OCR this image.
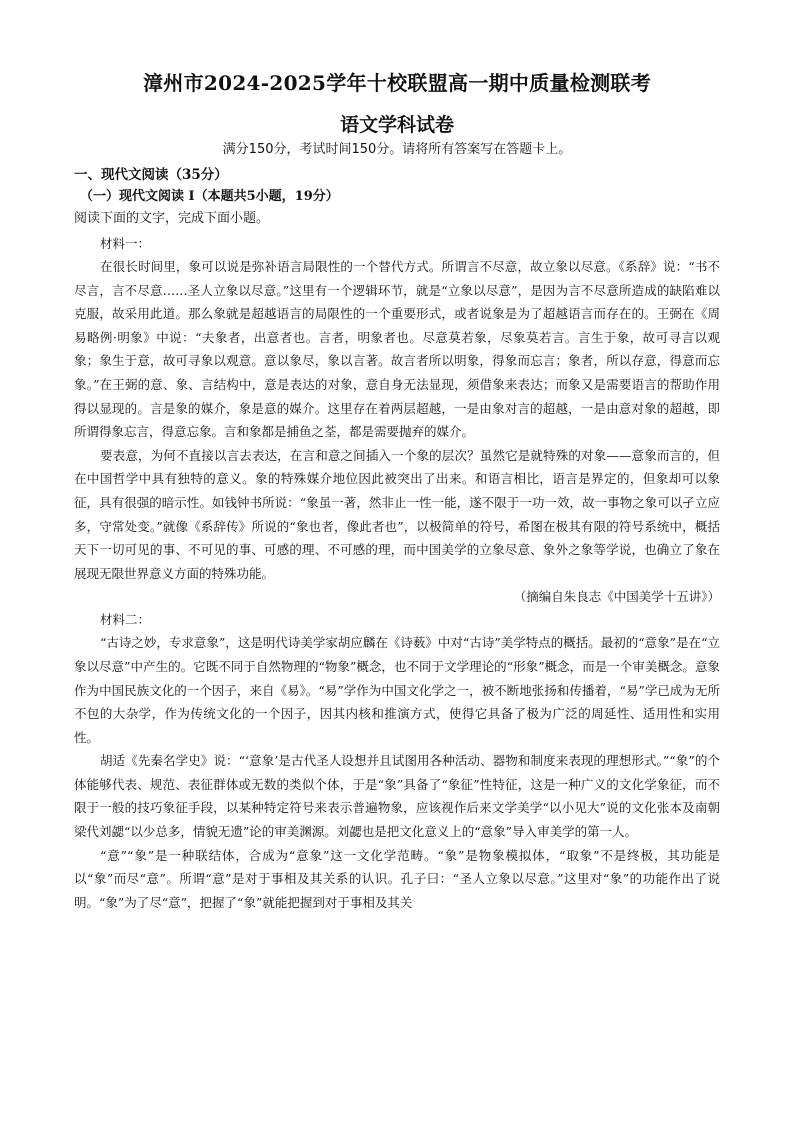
漳州市2024-2025学年十校联盟高一期中质量检测联考
语文学科试卷

满分150分，考试时间150分。请将所有答案写在答题卡上。

一、现代文阅读（35分）

（一）现代文阅读 I（本题共5小题，19分）

阅读下面的文字，完成下面小题。

材料一：

在很长时间里，象可以说是弥补语言局限性的一个替代方式。所谓言不尽意，故立象以尽意。《系辞》说：“书不尽言，言不尽意……圣人立象以尽意。”这里有一个逻辑环节，就是“立象以尽意”，是因为言不尽意所造成的缺陷难以克服，故采用此道。那么象就是超越语言的局限性的一个重要形式，或者说象是为了超越语言而存在的。王弼在《周易略例·明象》中说：“夫象者，出意者也。言者，明象者也。尽意莫若象，尽象莫若言。言生于象，故可寻言以观象；象生于意，故可寻象以观意。意以象尽，象以言著。故言者所以明象，得象而忘言；象者，所以存意，得意而忘象。”在王弼的意、象、言结构中，意是表达的对象，意自身无法显现，须借象来表达；而象又是需要语言的帮助作用得以显现的。言是象的媒介，象是意的媒介。这里存在着两层超越，一是由象对言的超越，一是由意对象的超越，即所谓得象忘言，得意忘象。言和象都是捕鱼之荃，都是需要抛弃的媒介。

要表意，为何不直接以言去表达，在言和意之间插入一个象的层次？虽然它是就特殊的对象——意象而言的，但在中国哲学中具有独特的意义。象的特殊媒介地位因此被突出了出来。和语言相比，语言是界定的，但象却可以象征，具有很强的暗示性。如钱钟书所说：“象虽一著，然非止一性一能，遂不限于一功一效，故一事物之象可以孑立应多，守常处变。”就像《系辞传》所说的“象也者，像此者也”，以极简单的符号，希图在极其有限的符号系统中，概括天下一切可见的事、不可见的事、可感的理、不可感的理，而中国美学的立象尽意、象外之象等学说，也确立了象在展现无限世界意义方面的特殊功能。

（摘编自朱良志《中国美学十五讲》）

材料二：

“古诗之妙，专求意象”，这是明代诗美学家胡应麟在《诗薮》中对“古诗”美学特点的概括。最初的“意象”是在“立象以尽意”中产生的。它既不同于自然物理的“物象”概念，也不同于文学理论的“形象”概念，而是一个审美概念。意象作为中国民族文化的一个因子，来自《易》。“易”学作为中国文化学之一，被不断地张扬和传播着，“易”学已成为无所不包的大杂学，作为传统文化的一个因子，因其内核和推演方式，使得它具备了极为广泛的周延性、适用性和实用性。

胡适《先秦名学史》说：“‘意象’是古代圣人设想并且试图用各种活动、器物和制度来表现的理想形式。”“象”的个体能够代表、规范、表征群体或无数的类似个体，于是“象”具备了“象征”性特征，这是一种广义的文化学象征，而不限于一般的技巧象征手段，以某种特定符号来表示普遍物象，应该视作后来文学美学“以小见大”说的文化张本及南朝梁代刘勰“以少总多，情貌无遗”论的审美渊源。刘勰也是把文化意义上的“意象”导入审美学的第一人。

“意”“象”是一种联结体，合成为“意象”这一文化学范畴。“象”是物象模拟体，“取象”不是终极，其功能是以“象”而尽“意”。所谓“意”是对于事相及其关系的认识。孔子曰：“圣人立象以尽意。”这里对“象”的功能作出了说明。“象”为了尽“意”，把握了“象”就能把握到对于事相及其关
